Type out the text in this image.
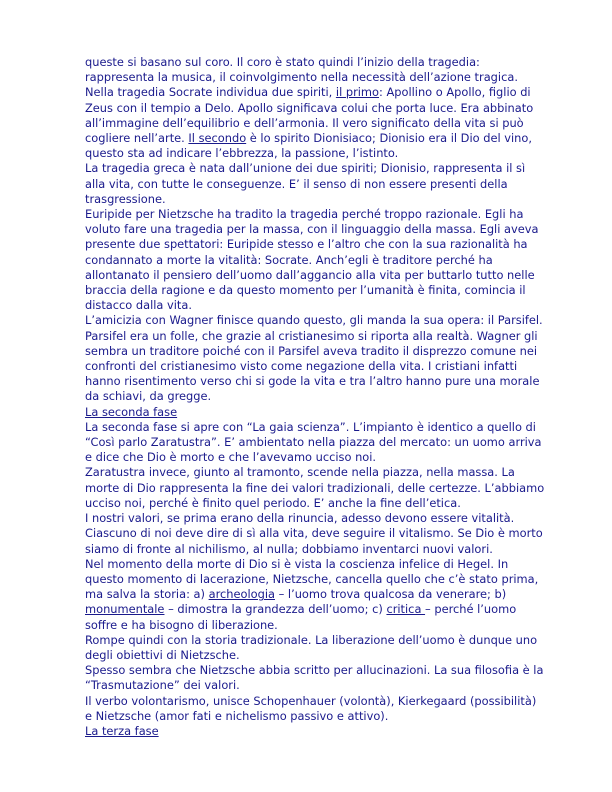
queste si basano sul coro. Il coro è stato quindi l’inizio della tragedia: rappresenta la musica, il coinvolgimento nella necessità dell’azione tragica.

Nella tragedia Socrate individua due spiriti, il primo: Apollino o Apollo, figlio di Zeus con il tempio a Delo. Apollo significava colui che porta luce. Era abbinato all’immagine dell’equilibrio e dell’armonia. Il vero significato della vita si può cogliere nell’arte. Il secondo è lo spirito Dionisiaco; Dionisio era il Dio del vino, questo sta ad indicare l’ebbrezza, la passione, l’istinto.

La tragedia greca è nata dall’unione dei due spiriti; Dionisio, rappresenta il sì alla vita, con tutte le conseguenze. E’ il senso di non essere presenti della trasgressione.

Euripide per Nietzsche ha tradito la tragedia perché troppo razionale. Egli ha voluto fare una tragedia per la massa, con il linguaggio della massa. Egli aveva presente due spettatori: Euripide stesso e l’altro che con la sua razionalità ha condannato a morte la vitalità: Socrate. Anch’egli è traditore perché ha allontanato il pensiero dell’uomo dall’aggancio alla vita per buttarlo tutto nelle braccia della ragione e da questo momento per l’umanità è finita, comincia il distacco dalla vita.

L’amicizia con Wagner finisce quando questo, gli manda la sua opera: il Parsifel. Parsifel era un folle, che grazie al cristianesimo si riporta alla realtà. Wagner gli sembra un traditore poiché con il Parsifel aveva tradito il disprezzo comune nei confronti del cristianesimo visto come negazione della vita. I cristiani infatti hanno risentimento verso chi si gode la vita e tra l’altro hanno pure una morale da schiavi, da gregge.

La seconda fase

La seconda fase si apre con “La gaia scienza”. L’impianto è identico a quello di “Così parlo Zaratustra”. E’ ambientato nella piazza del mercato: un uomo arriva e dice che Dio è morto e che l’avevamo ucciso noi.

Zaratustra invece, giunto al tramonto, scende nella piazza, nella massa. La morte di Dio rappresenta la fine dei valori tradizionali, delle certezze. L’abbiamo ucciso noi, perché è finito quel periodo. E’ anche la fine dell’etica.

I nostri valori, se prima erano della rinuncia, adesso devono essere vitalità. Ciascuno di noi deve dire di sì alla vita, deve seguire il vitalismo. Se Dio è morto siamo di fronte al nichilismo, al nulla; dobbiamo inventarci nuovi valori.

Nel momento della morte di Dio si è vista la coscienza infelice di Hegel. In questo momento di lacerazione, Nietzsche, cancella quello che c’è stato prima, ma salva la storia: a) archeologia – l’uomo trova qualcosa da venerare; b) monumentale – dimostra la grandezza dell’uomo; c) critica – perché l’uomo soffre e ha bisogno di liberazione.

Rompe quindi con la storia tradizionale. La liberazione dell’uomo è dunque uno degli obiettivi di Nietzsche.

Spesso sembra che Nietzsche abbia scritto per allucinazioni. La sua filosofia è la “Trasmutazione” dei valori.

Il verbo volontarismo, unisce Schopenhauer (volontà), Kierkegaard (possibilità) e Nietzsche (amor fati e nichelismo passivo e attivo).

La terza fase
